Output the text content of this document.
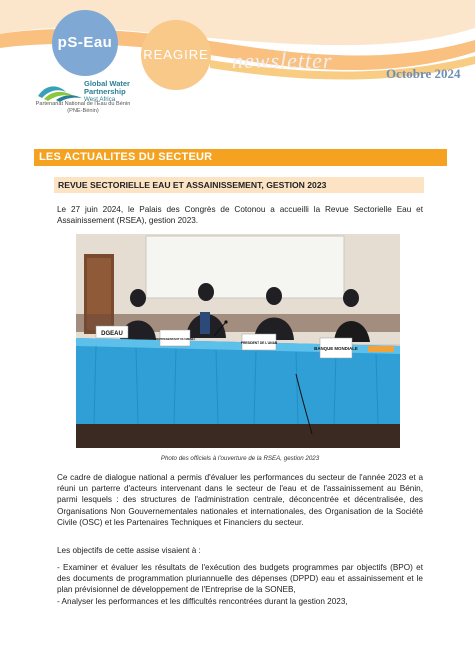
pS-Eau
REAGIRE newsletter
Octobre 2024
Global Water
Partnership
West Africa
Partenariat National de l'Eau du Bénin
(PNE-Bénin)
LES ACTUALITES DU SECTEUR
REVUE SECTORIELLE EAU ET ASSAINISSEMENT, GESTION 2023
Le 27 juin 2024, le Palais des Congrès de Cotonou a accueilli la Revue Sectorielle Eau et Assainissement (RSEA), gestion 2023.
DGEAU
REPRESENTANT DU MEMH
PRESIDENT DE L'ANAB
BANQUE MONDIALE
Photo des officiels à l'ouverture de la RSEA, gestion 2023
Ce cadre de dialogue national a permis d'évaluer les performances du secteur de l'année 2023 et a réuni un parterre d'acteurs intervenant dans le secteur de l'eau et de l'assainissement au Bénin, parmi lesquels : des structures de l'administration centrale, déconcentrée et décentralisée, des Organisations Non Gouvernementales nationales et internationales, des Organisation de la Société Civile (OSC) et les Partenaires Techniques et Financiers du secteur.
Les objectifs de cette assise visaient à :
- Examiner et évaluer les résultats de l'exécution des budgets programmes par objectifs (BPO) et des documents de programmation pluriannuelle des dépenses (DPPD) eau et assainissement et le plan prévisionnel de développement de l'Entreprise de la SONEB,
- Analyser les performances et les difficultés rencontrées durant la gestion 2023,
